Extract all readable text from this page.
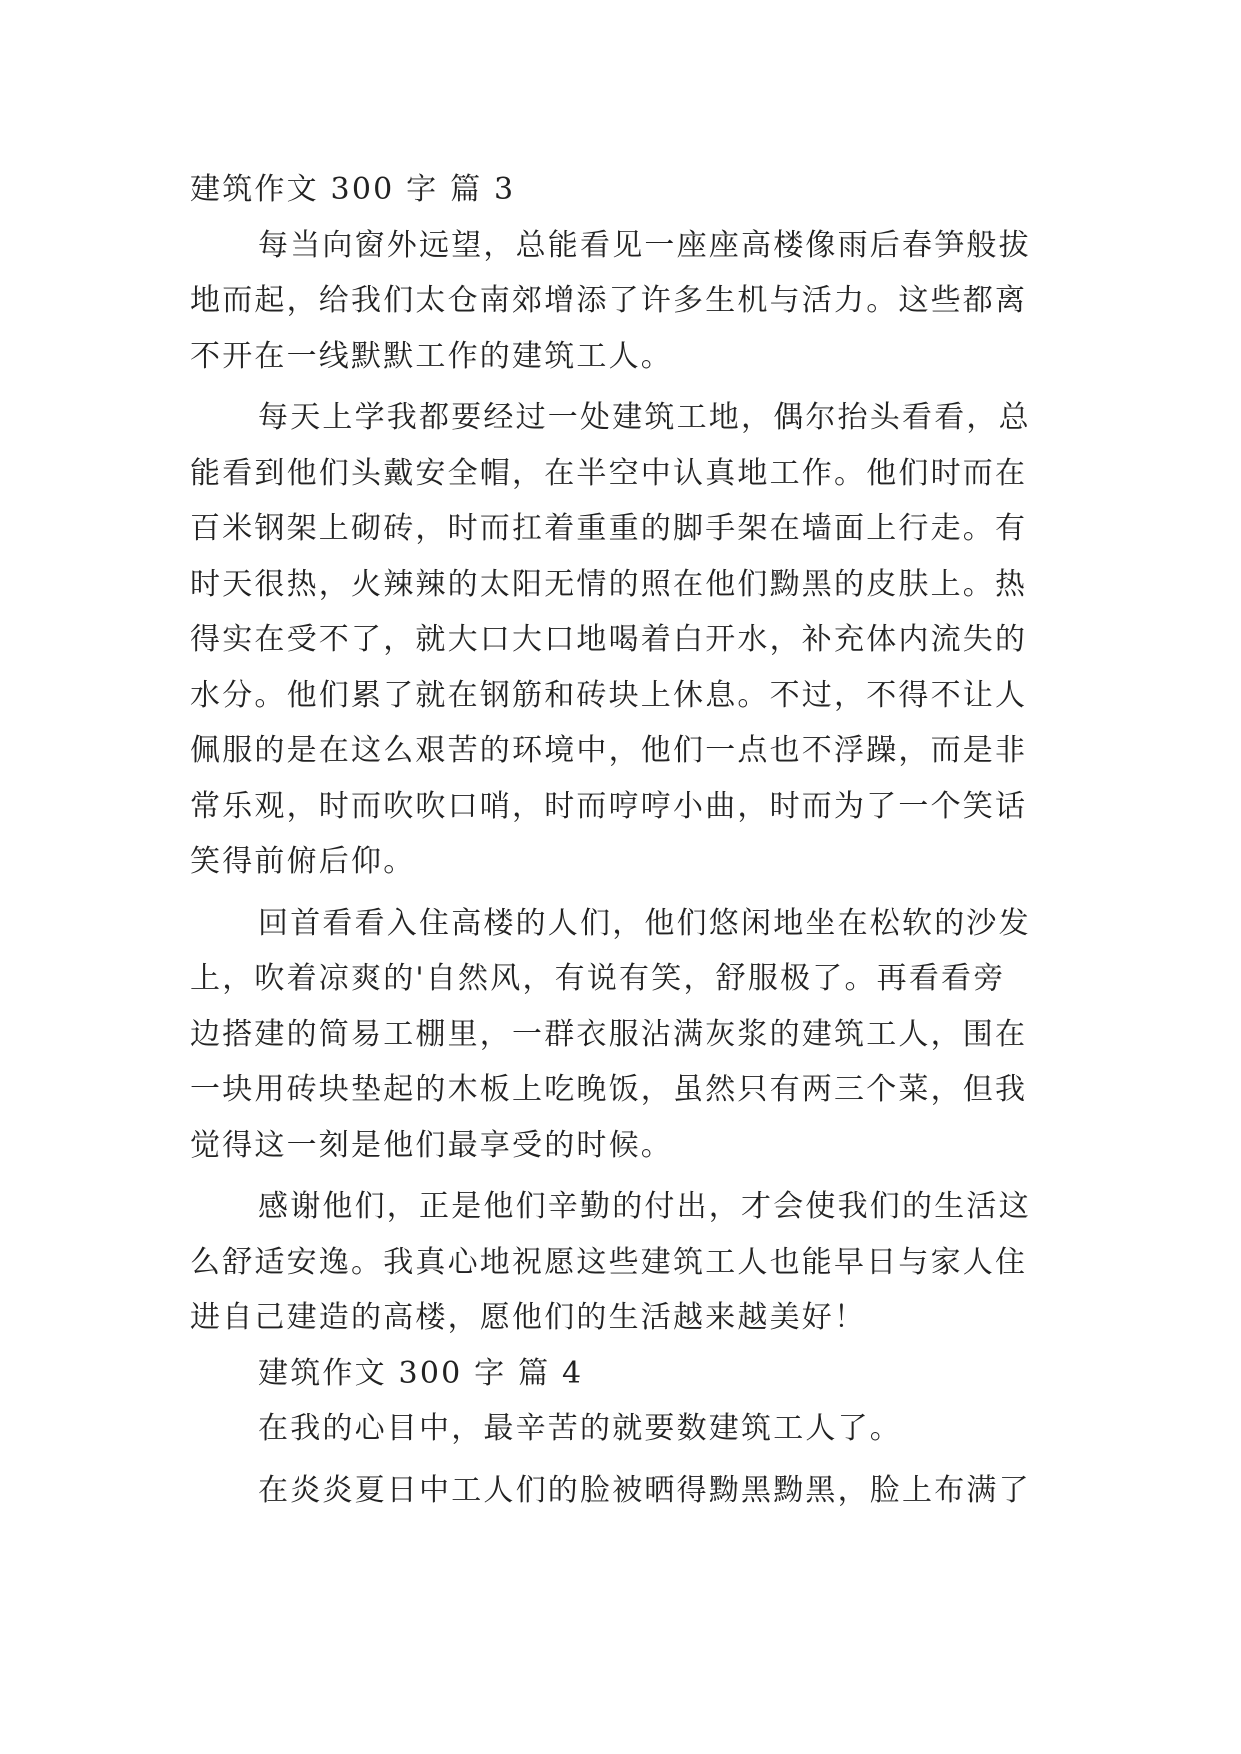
建筑作文 300 字 篇 3
每当向窗外远望，总能看见一座座高楼像雨后春笋般拔
地而起，给我们太仓南郊增添了许多生机与活力。这些都离
不开在一线默默工作的建筑工人。
每天上学我都要经过一处建筑工地，偶尔抬头看看，总
能看到他们头戴安全帽，在半空中认真地工作。他们时而在
百米钢架上砌砖，时而扛着重重的脚手架在墙面上行走。有
时天很热，火辣辣的太阳无情的照在他们黝黑的皮肤上。热
得实在受不了，就大口大口地喝着白开水，补充体内流失的
水分。他们累了就在钢筋和砖块上休息。不过，不得不让人
佩服的是在这么艰苦的环境中，他们一点也不浮躁，而是非
常乐观，时而吹吹口哨，时而哼哼小曲，时而为了一个笑话
笑得前俯后仰。
回首看看入住高楼的人们，他们悠闲地坐在松软的沙发
上，吹着凉爽的'自然风，有说有笑，舒服极了。再看看旁
边搭建的简易工棚里，一群衣服沾满灰浆的建筑工人，围在
一块用砖块垫起的木板上吃晚饭，虽然只有两三个菜，但我
觉得这一刻是他们最享受的时候。
感谢他们，正是他们辛勤的付出，才会使我们的生活这
么舒适安逸。我真心地祝愿这些建筑工人也能早日与家人住
进自己建造的高楼，愿他们的生活越来越美好！
建筑作文 300 字 篇 4
在我的心目中，最辛苦的就要数建筑工人了。
在炎炎夏日中工人们的脸被晒得黝黑黝黑，脸上布满了
